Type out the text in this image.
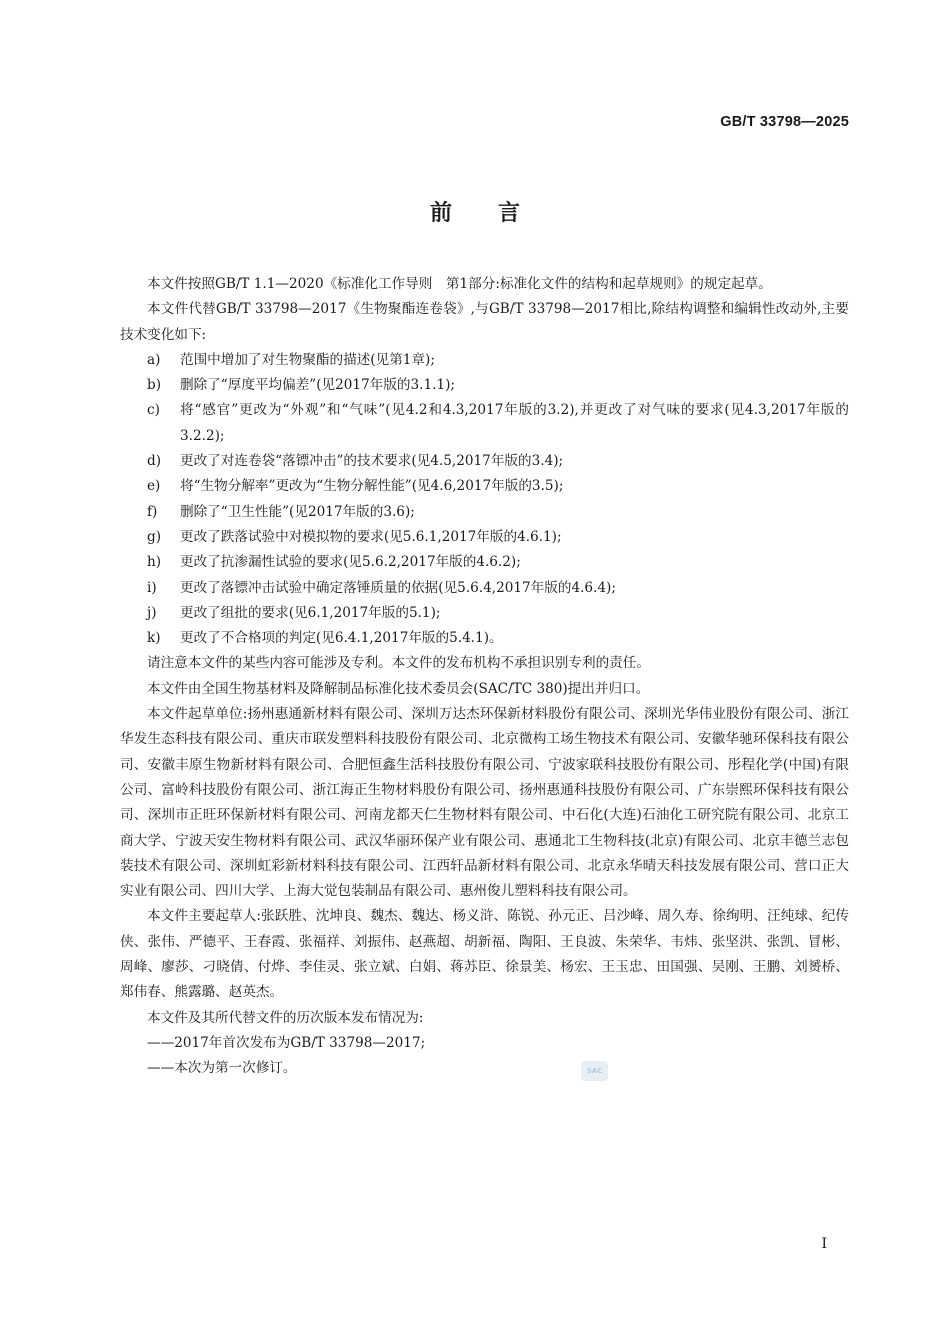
GB/T 33798—2025
前 言

本文件按照GB/T 1.1—2020《标准化工作导则　第1部分:标准化文件的结构和起草规则》的规定起草。

本文件代替GB/T 33798—2017《生物聚酯连卷袋》,与GB/T 33798—2017相比,除结构调整和编辑性改动外,主要技术变化如下:

a) 范围中增加了对生物聚酯的描述(见第1章);
b) 删除了“厚度平均偏差”(见2017年版的3.1.1);
c) 将“感官”更改为“外观”和“气味”(见4.2和4.3,2017年版的3.2),并更改了对气味的要求(见4.3,2017年版的3.2.2);
d) 更改了对连卷袋“落镖冲击”的技术要求(见4.5,2017年版的3.4);
e) 将“生物分解率”更改为“生物分解性能”(见4.6,2017年版的3.5);
f) 删除了“卫生性能”(见2017年版的3.6);
g) 更改了跌落试验中对模拟物的要求(见5.6.1,2017年版的4.6.1);
h) 更改了抗渗漏性试验的要求(见5.6.2,2017年版的4.6.2);
i) 更改了落镖冲击试验中确定落锤质量的依据(见5.6.4,2017年版的4.6.4);
j) 更改了组批的要求(见6.1,2017年版的5.1);
k) 更改了不合格项的判定(见6.4.1,2017年版的5.4.1)。

请注意本文件的某些内容可能涉及专利。本文件的发布机构不承担识别专利的责任。

本文件由全国生物基材料及降解制品标准化技术委员会(SAC/TC 380)提出并归口。

本文件起草单位:扬州惠通新材料有限公司、深圳万达杰环保新材料股份有限公司、深圳光华伟业股份有限公司、浙江华发生态科技有限公司、重庆市联发塑料科技股份有限公司、北京微构工场生物技术有限公司、安徽华驰环保科技有限公司、安徽丰原生物新材料有限公司、合肥恒鑫生活科技股份有限公司、宁波家联科技股份有限公司、彤程化学(中国)有限公司、富岭科技股份有限公司、浙江海正生物材料股份有限公司、扬州惠通科技股份有限公司、广东崇熙环保科技有限公司、深圳市正旺环保新材料有限公司、河南龙都天仁生物材料有限公司、中石化(大连)石油化工研究院有限公司、北京工商大学、宁波天安生物材料有限公司、武汉华丽环保产业有限公司、惠通北工生物科技(北京)有限公司、北京丰德兰志包装技术有限公司、深圳虹彩新材料科技有限公司、江西轩品新材料有限公司、北京永华晴天科技发展有限公司、营口正大实业有限公司、四川大学、上海大觉包装制品有限公司、惠州俊儿塑料科技有限公司。

本文件主要起草人:张跃胜、沈坤良、魏杰、魏达、杨义浒、陈锐、孙元正、吕沙峰、周久寿、徐绚明、汪纯球、纪传侠、张伟、严德平、王春霞、张福祥、刘振伟、赵燕超、胡新福、陶阳、王良波、朱荣华、韦炜、张坚洪、张凯、冒彬、周峰、廖莎、刁晓倩、付烨、李佳灵、张立斌、白娟、蒋苏臣、徐景美、杨宏、王玉忠、田国强、吴刚、王鹏、刘赟桥、郑伟春、熊露璐、赵英杰。

本文件及其所代替文件的历次版本发布情况为:

——2017年首次发布为GB/T 33798—2017;

——本次为第一次修订。	SAC
I
